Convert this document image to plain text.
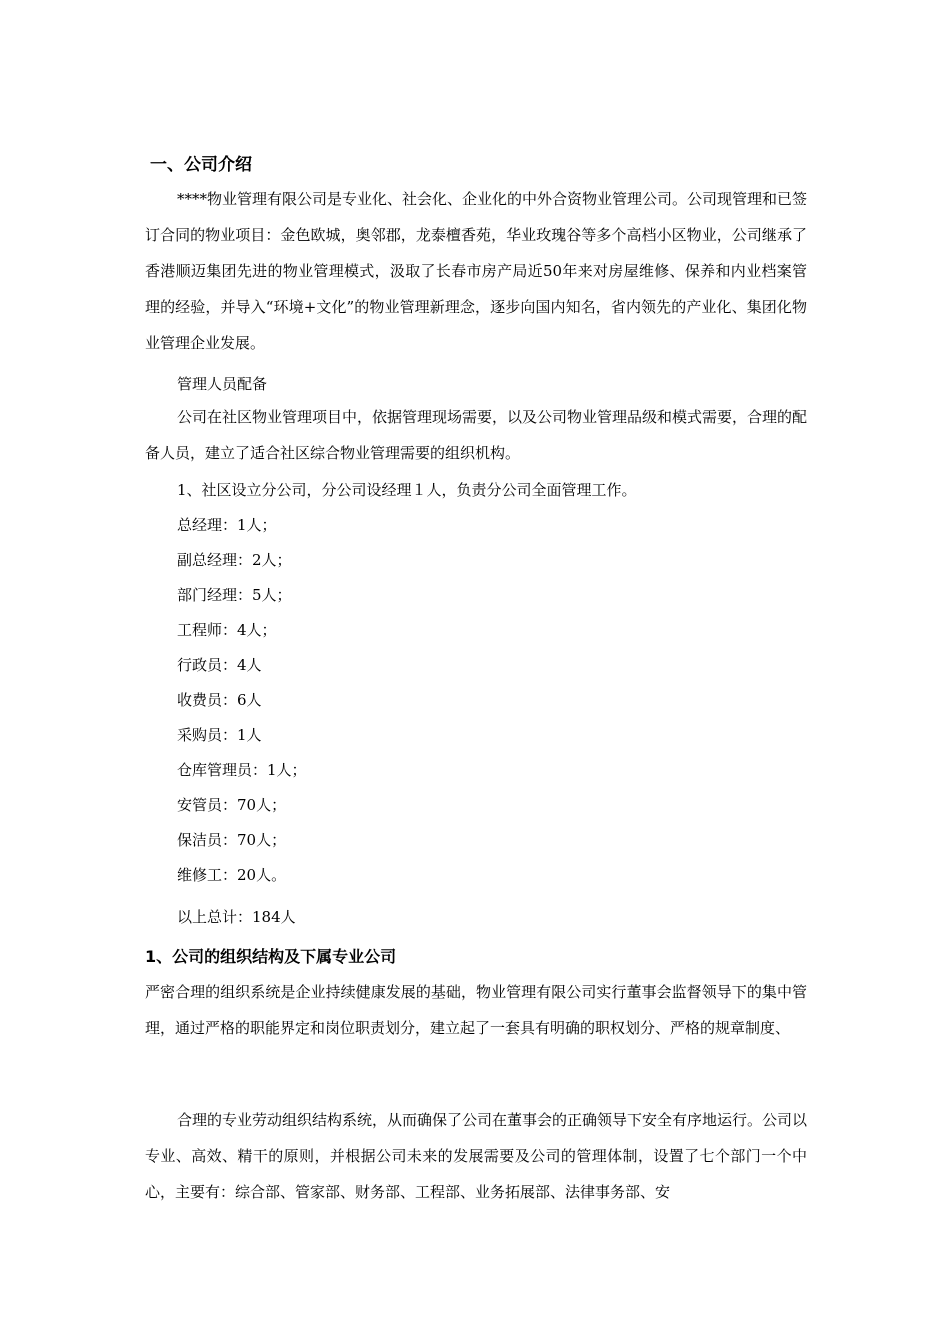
一、公司介绍
****物业管理有限公司是专业化、社会化、企业化的中外合资物业管理公司。公司现管理和已签订合同的物业项目：金色欧城，奥邻郡，龙泰檀香苑，华业玫瑰谷等多个高档小区物业，公司继承了香港顺迈集团先进的物业管理模式，汲取了长春市房产局近50年来对房屋维修、保养和内业档案管理的经验，并导入“环境+文化”的物业管理新理念，逐步向国内知名，省内领先的产业化、集团化物业管理企业发展。
管理人员配备
公司在社区物业管理项目中，依据管理现场需要，以及公司物业管理品级和模式需要，合理的配备人员，建立了适合社区综合物业管理需要的组织机构。
1、社区设立分公司，分公司设经理１人，负责分公司全面管理工作。
总经理：1人；
副总经理：2人；
部门经理：5人；
工程师：4人；
行政员：4人
收费员：6人
采购员：1人
仓库管理员：1人；
安管员：70人；
保洁员：70人；
维修工：20人。
以上总计：184人
1、公司的组织结构及下属专业公司
严密合理的组织系统是企业持续健康发展的基础，物业管理有限公司实行董事会监督领导下的集中管理，通过严格的职能界定和岗位职责划分，建立起了一套具有明确的职权划分、严格的规章制度、
合理的专业劳动组织结构系统，从而确保了公司在董事会的正确领导下安全有序地运行。公司以专业、高效、精干的原则，并根据公司未来的发展需要及公司的管理体制，设置了七个部门一个中心，主要有：综合部、管家部、财务部、工程部、业务拓展部、法律事务部、安
